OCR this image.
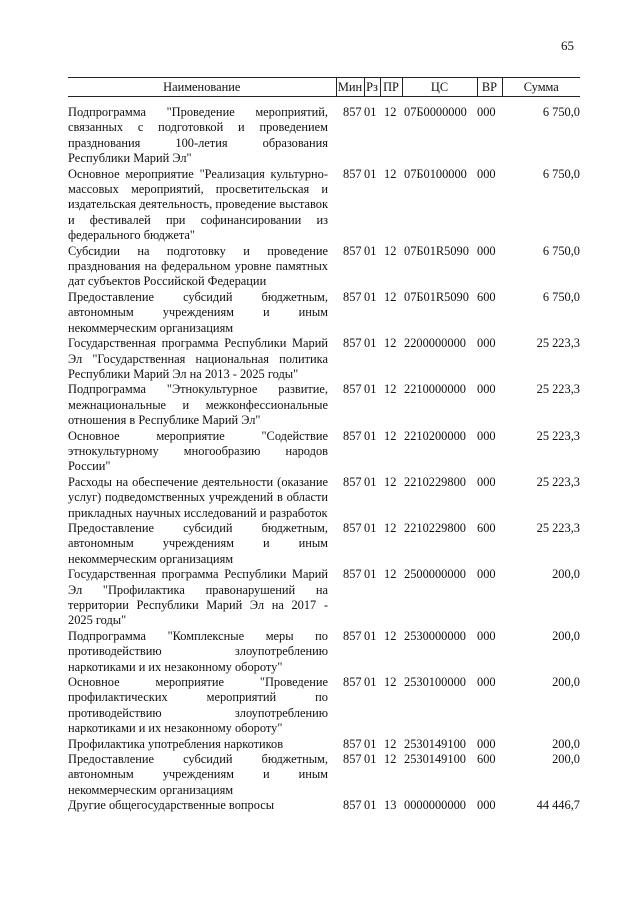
65
Наименование	Мин	Рз	ПР	ЦС	ВР	Сумма
Подпрограмма "Проведение мероприятий, связанных с подготовкой и проведением празднования 100-летия образования Республики Марий Эл"	857	01	12	07Б0000000	000	6 750,0
Основное мероприятие "Реализация культурно-массовых мероприятий, просветительская и издательская деятельность, проведение выставок и фестивалей при софинансировании из федерального бюджета"	857	01	12	07Б0100000	000	6 750,0
Субсидии на подготовку и проведение празднования на федеральном уровне памятных дат субъектов Российской Федерации	857	01	12	07Б01R5090	000	6 750,0
Предоставление субсидий бюджетным, автономным учреждениям и иным некоммерческим организациям	857	01	12	07Б01R5090	600	6 750,0
Государственная программа Республики Марий Эл "Государственная национальная политика Республики Марий Эл на 2013 - 2025 годы"	857	01	12	2200000000	000	25 223,3
Подпрограмма "Этнокультурное развитие, межнациональные и межконфессиональные отношения в Республике Марий Эл"	857	01	12	2210000000	000	25 223,3
Основное мероприятие "Содействие этнокультурному многообразию народов России"	857	01	12	2210200000	000	25 223,3
Расходы на обеспечение деятельности (оказание услуг) подведомственных учреждений в области прикладных научных исследований и разработок	857	01	12	2210229800	000	25 223,3
Предоставление субсидий бюджетным, автономным учреждениям и иным некоммерческим организациям	857	01	12	2210229800	600	25 223,3
Государственная программа Республики Марий Эл "Профилактика правонарушений на территории Республики Марий Эл на 2017 - 2025 годы"	857	01	12	2500000000	000	200,0
Подпрограмма "Комплексные меры по противодействию злоупотреблению наркотиками и их незаконному обороту"	857	01	12	2530000000	000	200,0
Основное мероприятие "Проведение профилактических мероприятий по противодействию злоупотреблению наркотиками и их незаконному обороту"	857	01	12	2530100000	000	200,0
Профилактика употребления наркотиков	857	01	12	2530149100	000	200,0
Предоставление субсидий бюджетным, автономным учреждениям и иным некоммерческим организациям	857	01	12	2530149100	600	200,0
Другие общегосударственные вопросы	857	01	13	0000000000	000	44 446,7
